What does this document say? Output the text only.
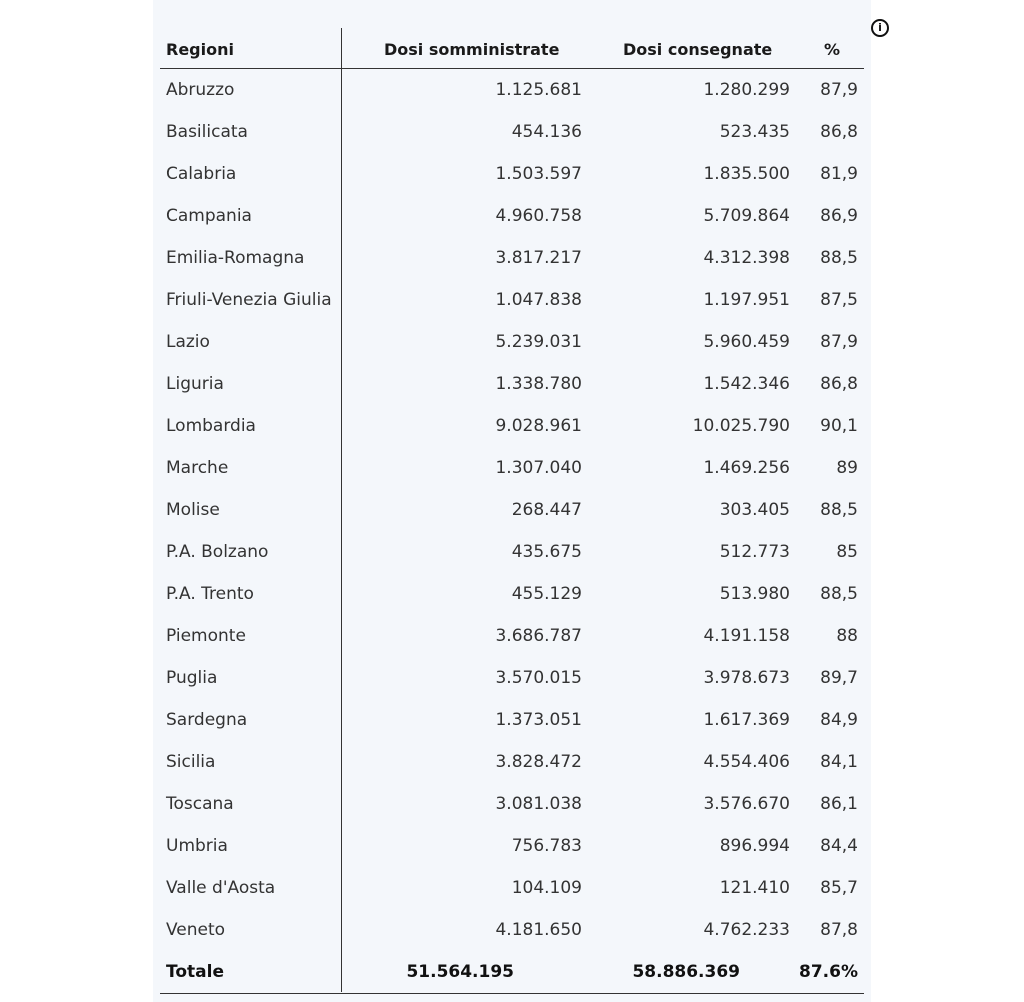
Regioni	Dosi somministrate	Dosi consegnate	%
Abruzzo	1.125.681	1.280.299 87,9
Basilicata	454.136	523.435 86,8
Calabria	1.503.597	1.835.500 81,9
Campania	4.960.758	5.709.864 86,9
Emilia-Romagna	3.817.217	4.312.398 88,5
Friuli-Venezia Giulia	1.047.838	1.197.951 87,5
Lazio	5.239.031	5.960.459 87,9
Liguria	1.338.780	1.542.346 86,8
Lombardia	9.028.961	10.025.790 90,1
Marche	1.307.040	1.469.256	89
Molise	268.447	303.405 88,5
P.A. Bolzano	435.675	512.773	85
P.A. Trento	455.129	513.980 88,5
Piemonte	3.686.787	4.191.158	88
Puglia	3.570.015	3.978.673 89,7
Sardegna	1.373.051	1.617.369 84,9
Sicilia	3.828.472	4.554.406 84,1
Toscana	3.081.038	3.576.670 86,1
Umbria	756.783	896.994 84,4
Valle d'Aosta	104.109	121.410 85,7
Veneto	4.181.650	4.762.233 87,8
Totale	51.564.195	58.886.369	87.6%
i
